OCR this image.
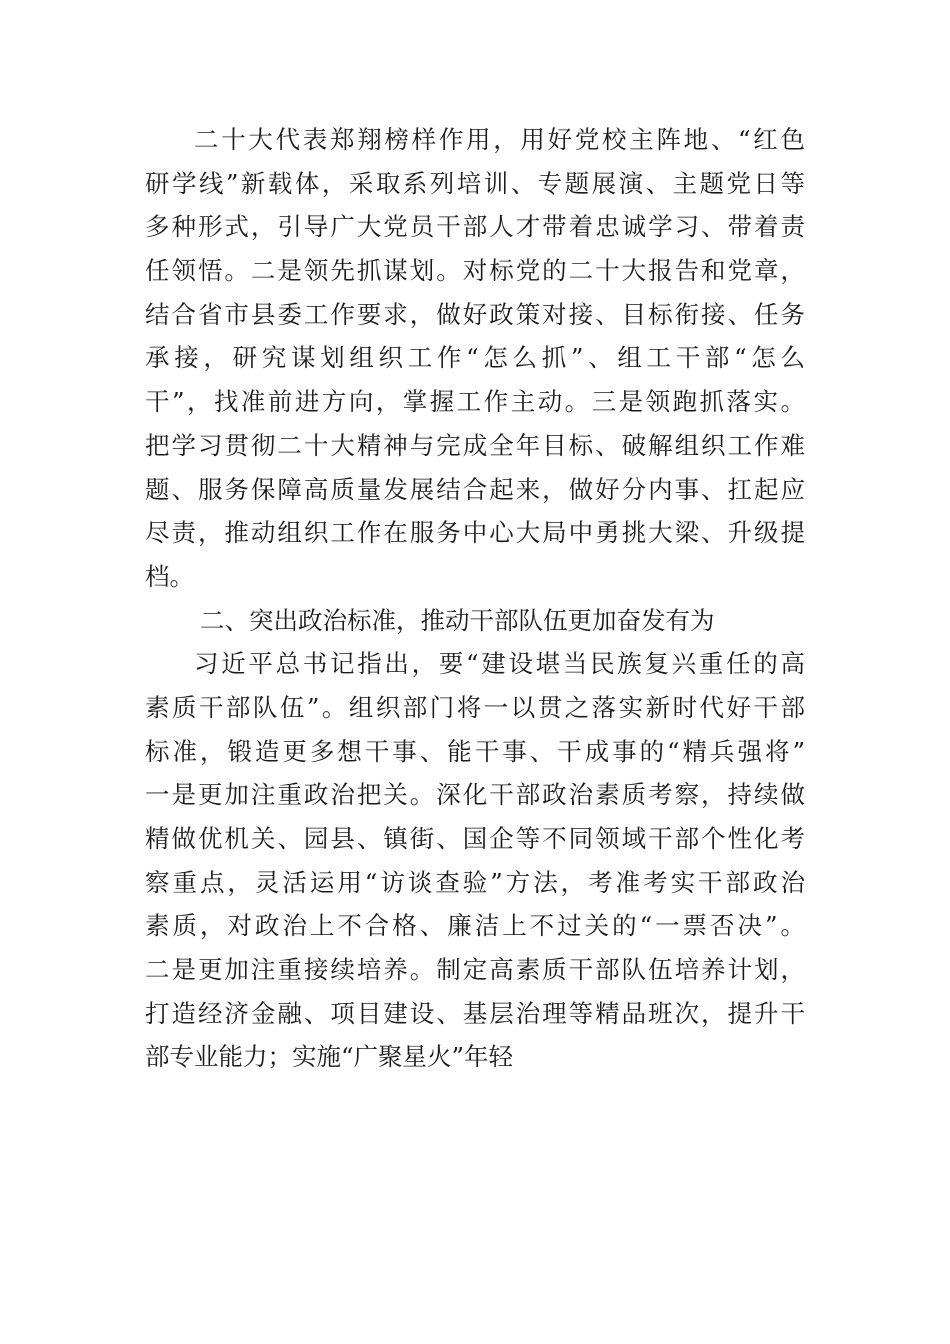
二十大代表郑翔榜样作用，用好党校主阵地、“红色
研学线”新载体，采取系列培训、专题展演、主题党日等
多种形式，引导广大党员干部人才带着忠诚学习、带着责
任领悟。二是领先抓谋划。对标党的二十大报告和党章，
结合省市县委工作要求，做好政策对接、目标衔接、任务
承接，研究谋划组织工作“怎么抓”、组工干部“怎么
干”，找准前进方向，掌握工作主动。三是领跑抓落实。
把学习贯彻二十大精神与完成全年目标、破解组织工作难
题、服务保障高质量发展结合起来，做好分内事、扛起应
尽责，推动组织工作在服务中心大局中勇挑大梁、升级提
档。
二、突出政治标准，推动干部队伍更加奋发有为
习近平总书记指出，要“建设堪当民族复兴重任的高
素质干部队伍”。组织部门将一以贯之落实新时代好干部
标准，锻造更多想干事、能干事、干成事的“精兵强将”
一是更加注重政治把关。深化干部政治素质考察，持续做
精做优机关、园县、镇街、国企等不同领域干部个性化考
察重点，灵活运用“访谈查验”方法，考准考实干部政治
素质，对政治上不合格、廉洁上不过关的“一票否决”。
二是更加注重接续培养。制定高素质干部队伍培养计划，
打造经济金融、项目建设、基层治理等精品班次，提升干
部专业能力；实施“广聚星火”年轻
